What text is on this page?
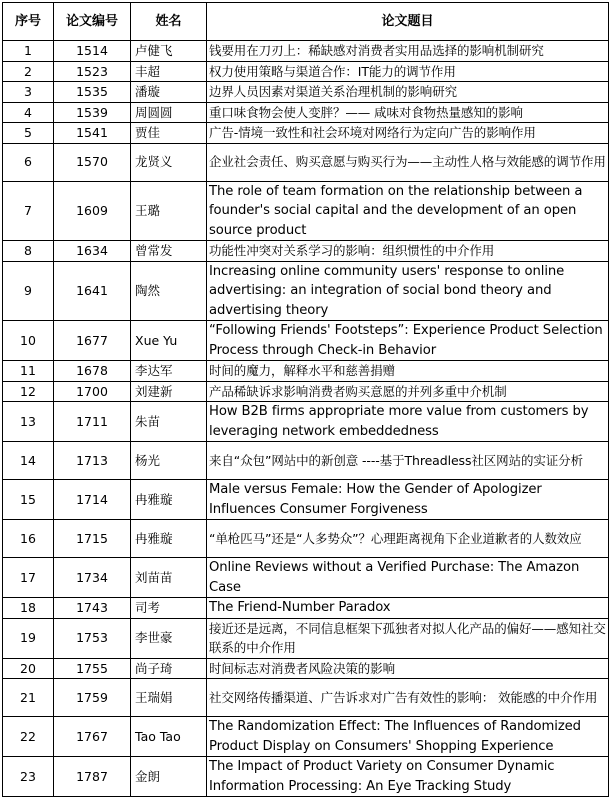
序号	论文编号	姓名	论文题目
1	1514	卢健飞	钱要用在刀刃上：稀缺感对消费者实用品选择的影响机制研究
2	1523	丰超	权力使用策略与渠道合作：IT能力的调节作用
3	1535	潘璇	边界人员因素对渠道关系治理机制的影响研究
4	1539	周圆圆	重口味食物会使人变胖？—— 咸味对食物热量感知的影响
5	1541	贾佳	广告-情境一致性和社会环境对网络行为定向广告的影响作用
6	1570	龙贤义	企业社会责任、购买意愿与购买行为——主动性人格与效能感的调节作用
7	1609	王璐	The role of team formation on the relationship between a founder's social capital and the development of an open source product
8	1634	曾常发	功能性冲突对关系学习的影响：组织惯性的中介作用
9	1641	陶然	Increasing online community users' response to online advertising: an integration of social bond theory and advertising theory
10	1677	Xue Yu	“Following Friends' Footsteps”: Experience Product Selection Process through Check-in Behavior
11	1678	李达军	时间的魔力，解释水平和慈善捐赠
12	1700	刘建新	产品稀缺诉求影响消费者购买意愿的并列多重中介机制
13	1711	朱苗	How B2B firms appropriate more value from customers by leveraging network embeddedness
14	1713	杨光	来自“众包”网站中的新创意 ----基于Threadless社区网站的实证分析
15	1714	冉雅璇	Male versus Female: How the Gender of Apologizer Influences Consumer Forgiveness
16	1715	冉雅璇	“单枪匹马”还是“人多势众”？心理距离视角下企业道歉者的人数效应
17	1734	刘苗苗	Online Reviews without a Verified Purchase: The Amazon Case
18	1743	司考	The Friend-Number Paradox
19	1753	李世豪	接近还是远离，不同信息框架下孤独者对拟人化产品的偏好——感知社交联系的中介作用
20	1755	尚子琦	时间标志对消费者风险决策的影响
21	1759	王瑞娟	社交网络传播渠道、广告诉求对广告有效性的影响： 效能感的中介作用
22	1767	Tao Tao	The Randomization Effect: The Influences of Randomized Product Display on Consumers' Shopping Experience
23	1787	金朗	The Impact of Product Variety on Consumer Dynamic Information Processing: An Eye Tracking Study
